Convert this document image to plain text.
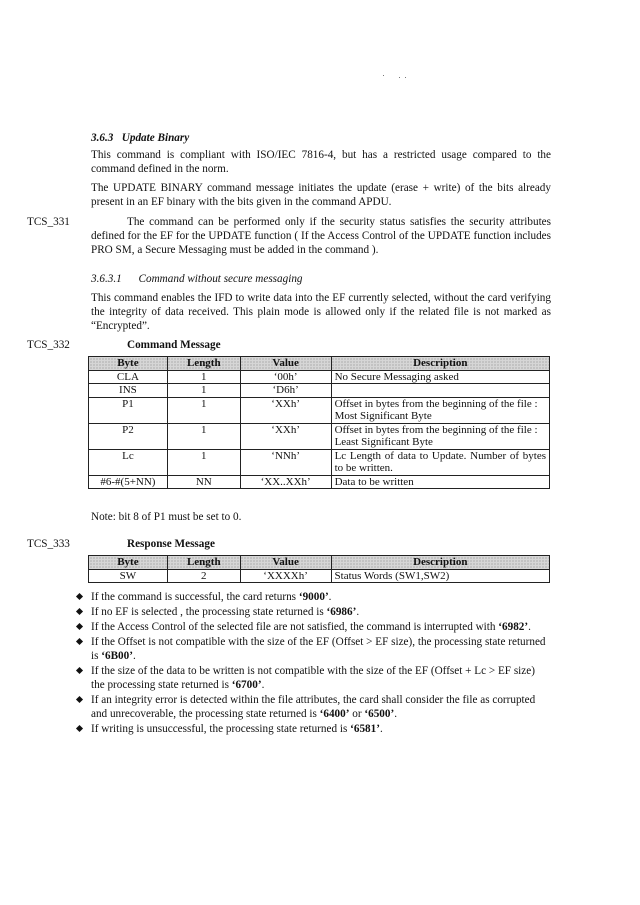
3.6.3 Update Binary
This command is compliant with ISO/IEC 7816-4, but has a restricted usage compared to the command defined in the norm.
The UPDATE BINARY command message initiates the update (erase + write) of the bits already present in an EF binary with the bits given in the command APDU.
TCS_331	The command can be performed only if the security status satisfies the security attributes defined for the EF for the UPDATE function ( If the Access Control of the UPDATE function includes PRO SM, a Secure Messaging must be added in the command ).
3.6.3.1 Command without secure messaging
This command enables the IFD to write data into the EF currently selected, without the card verifying the integrity of data received. This plain mode is allowed only if the related file is not marked as “Encrypted”.
TCS_332	Command Message
Byte	Length	Value	Description
CLA	1	‘00h’	No Secure Messaging asked
INS	1	‘D6h’	
P1	1	‘XXh’	Offset in bytes from the beginning of the file : Most Significant Byte
P2	1	‘XXh’	Offset in bytes from the beginning of the file : Least Significant Byte
Lc	1	‘NNh’	Lc Length of data to Update. Number of bytes to be written.
#6-#(5+NN)	NN	‘XX..XXh’	Data to be written
Note: bit 8 of P1 must be set to 0.
TCS_333	Response Message
Byte	Length	Value	Description
SW	2	‘XXXXh’	Status Words (SW1,SW2)
If the command is successful, the card returns ‘9000’.
If no EF is selected , the processing state returned is ‘6986’.
If the Access Control of the selected file are not satisfied, the command is interrupted with ‘6982’.
If the Offset is not compatible with the size of the EF (Offset > EF size), the processing state returned is ‘6B00’.
If the size of the data to be written is not compatible with the size of the EF (Offset + Lc > EF size) the processing state returned is ‘6700’.
If an integrity error is detected within the file attributes, the card shall consider the file as corrupted and unrecoverable, the processing state returned is ‘6400’ or ‘6500’.
If writing is unsuccessful, the processing state returned is ‘6581’.
